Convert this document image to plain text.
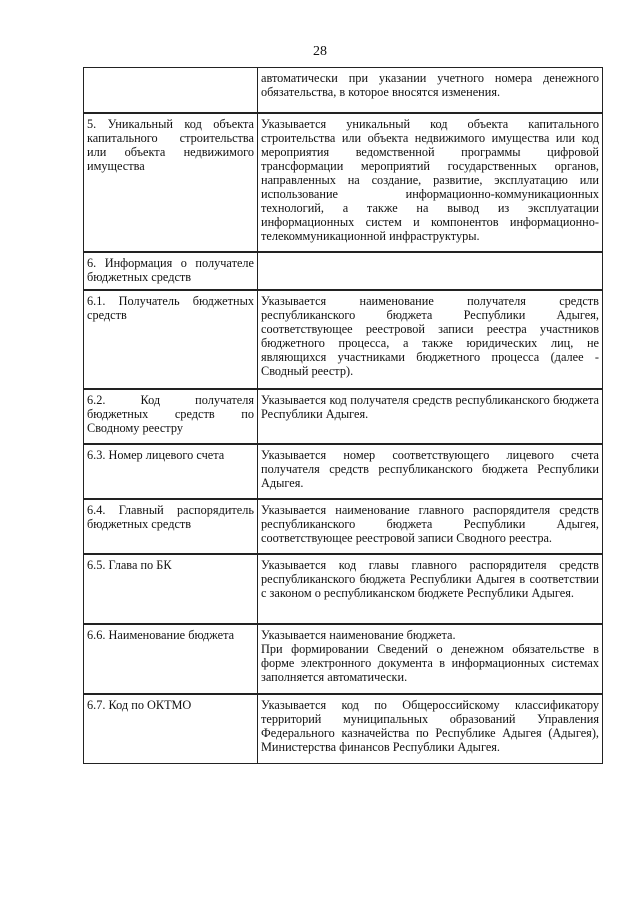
28

	автоматически при указании учетного номера денежного обязательства, в которое вносятся изменения.

5. Уникальный код объекта капитального строительства или объекта недвижимого имущества	Указывается уникальный код объекта капитального строительства или объекта недвижимого имущества или код мероприятия ведомственной программы цифровой трансформации мероприятий государственных органов, направленных на создание, развитие, эксплуатацию или использование информационно-коммуникационных технологий, а также на вывод из эксплуатации информационных систем и компонентов информационно-телекоммуникационной инфраструктуры.

6. Информация о получателе бюджетных средств	

6.1. Получатель бюджетных средств	Указывается наименование получателя средств республиканского бюджета Республики Адыгея, соответствующее реестровой записи реестра участников бюджетного процесса, а также юридических лиц, не являющихся участниками бюджетного процесса (далее - Сводный реестр).

6.2. Код получателя бюджетных средств по Сводному реестру	Указывается код получателя средств республиканского бюджета Республики Адыгея.

6.3. Номер лицевого счета	Указывается номер соответствующего лицевого счета получателя средств республиканского бюджета Республики Адыгея.

6.4. Главный распорядитель бюджетных средств	Указывается наименование главного распорядителя средств республиканского бюджета Республики Адыгея, соответствующее реестровой записи Сводного реестра.

6.5. Глава по БК	Указывается код главы главного распорядителя средств республиканского бюджета Республики Адыгея в соответствии с законом о республиканском бюджете Республики Адыгея.

6.6. Наименование бюджета	Указывается наименование бюджета.
При формировании Сведений о денежном обязательстве в форме электронного документа в информационных системах заполняется автоматически.

6.7. Код по ОКТМО	Указывается код по Общероссийскому классификатору территорий муниципальных образований Управления Федерального казначейства по Республике Адыгея (Адыгея), Министерства финансов Республики Адыгея.
